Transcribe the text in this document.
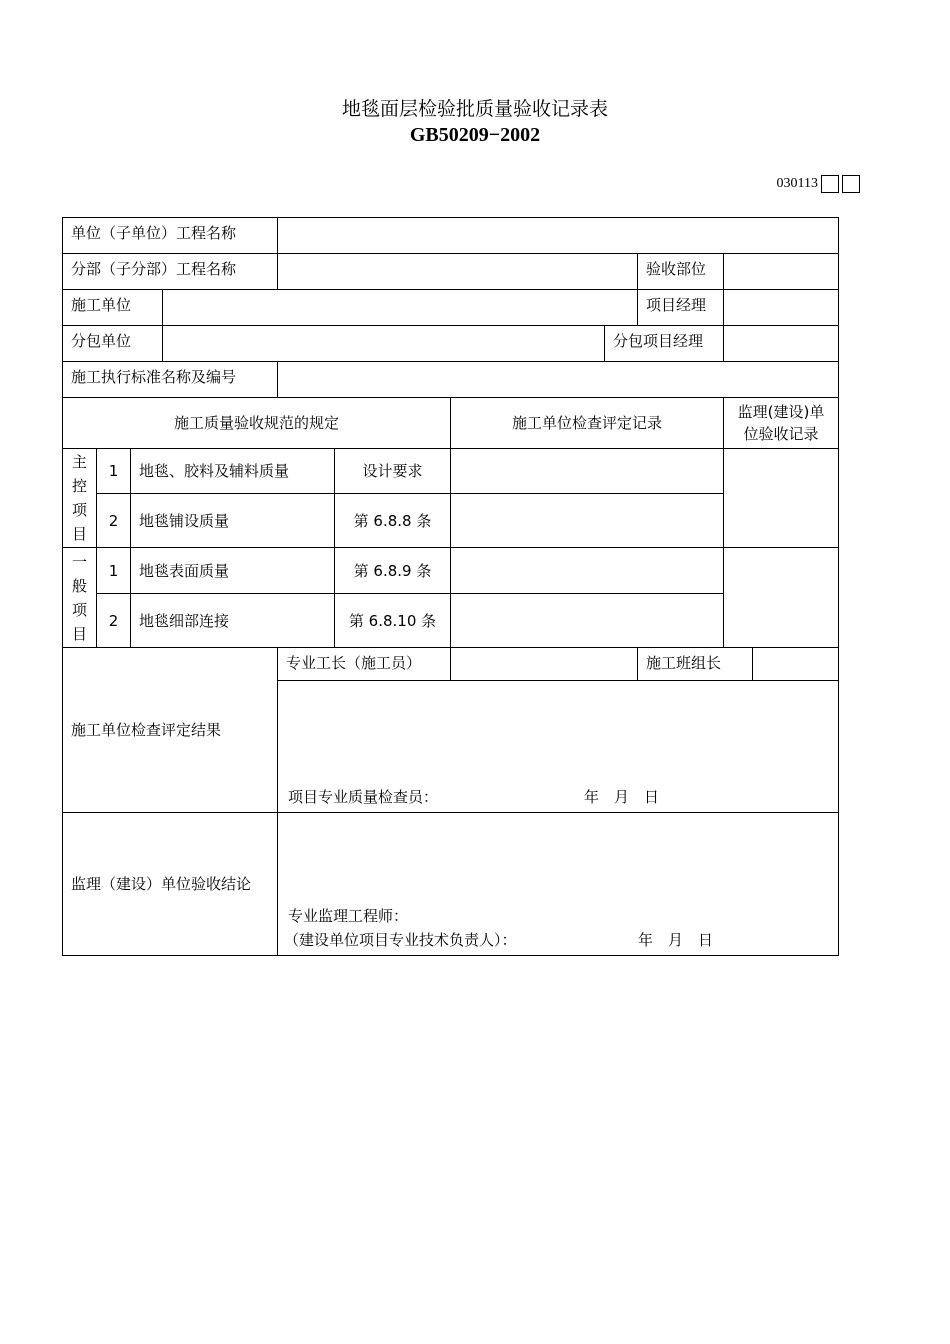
地毯面层检验批质量验收记录表
GB50209−2002
030113
单位（子单位）工程名称										
分部（子分部）工程名称								验收部位		
施工单位								项目经理		
分包单位							分包项目经理			
施工执行标准名称及编号										
施工质量验收规范的规定						施工单位检查评定记录			监理(建设)单
位验收记录	

主
控
项
目	1	地毯、胶料及辅料质量			设计要求					
	2	地毯铺设质量			第 6.8.8 条					

一
般
项
目	1	地毯表面质量			第 6.8.9 条					
	2	地毯细部连接			第 6.8.10 条					
施工单位检查评定结果				专业工长（施工员）				施工班组长		

				项目专业质量检查员： 年　月　日						

监理（建设）单位验收结论				专业监理工程师：
（建设单位项目专业技术负责人）： 年　月　日						
